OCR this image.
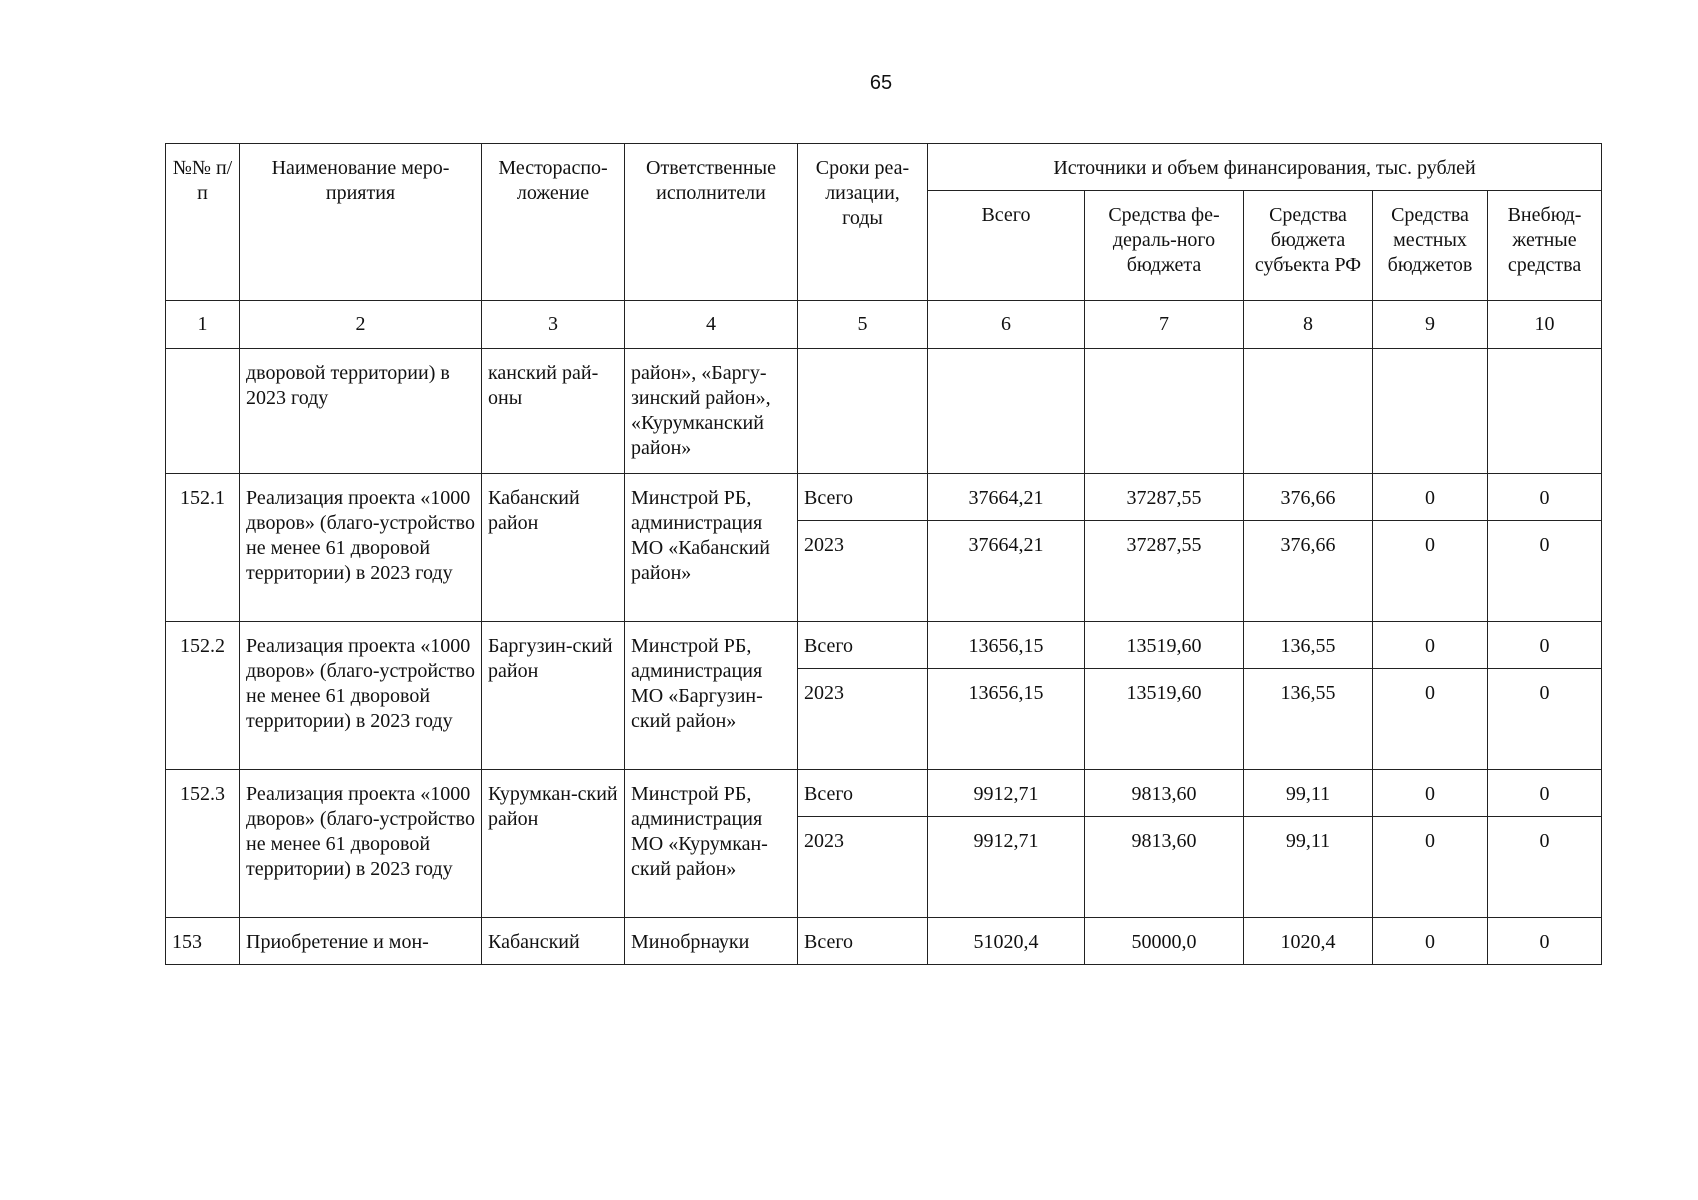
65
№№ п/п	Наименование меро-приятия	Местораспо-ложение	Ответственные исполнители	Сроки реа-лизации, годы	Источники и объем финансирования, тыс. рублей				
					Всего	Средства фе-дераль-ного бюджета	Средства бюджета субъекта РФ	Средства местных бюджетов	Внебюд-жетные средства
1	2	3	4	5	6	7	8	9	10
	дворовой территории) в 2023 году	канский рай-оны	район», «Баргу-зинский район», «Курумканский район»						
152.1	Реализация проекта «1000 дворов» (благо-устройство не менее 61 дворовой территории) в 2023 году	Кабанский район	Минстрой РБ, администрация МО «Кабанский район»	Всего	37664,21	37287,55	376,66	0	0
				2023	37664,21	37287,55	376,66	0	0
152.2	Реализация проекта «1000 дворов» (благо-устройство не менее 61 дворовой территории) в 2023 году	Баргузин-ский район	Минстрой РБ, администрация МО «Баргузин-ский район»	Всего	13656,15	13519,60	136,55	0	0
				2023	13656,15	13519,60	136,55	0	0
152.3	Реализация проекта «1000 дворов» (благо-устройство не менее 61 дворовой территории) в 2023 году	Курумкан-ский район	Минстрой РБ, администрация МО «Курумкан-ский район»	Всего	9912,71	9813,60	99,11	0	0
				2023	9912,71	9813,60	99,11	0	0
153	Приобретение и мон-	Кабанский	Минобрнауки	Всего	51020,4	50000,0	1020,4	0	0
